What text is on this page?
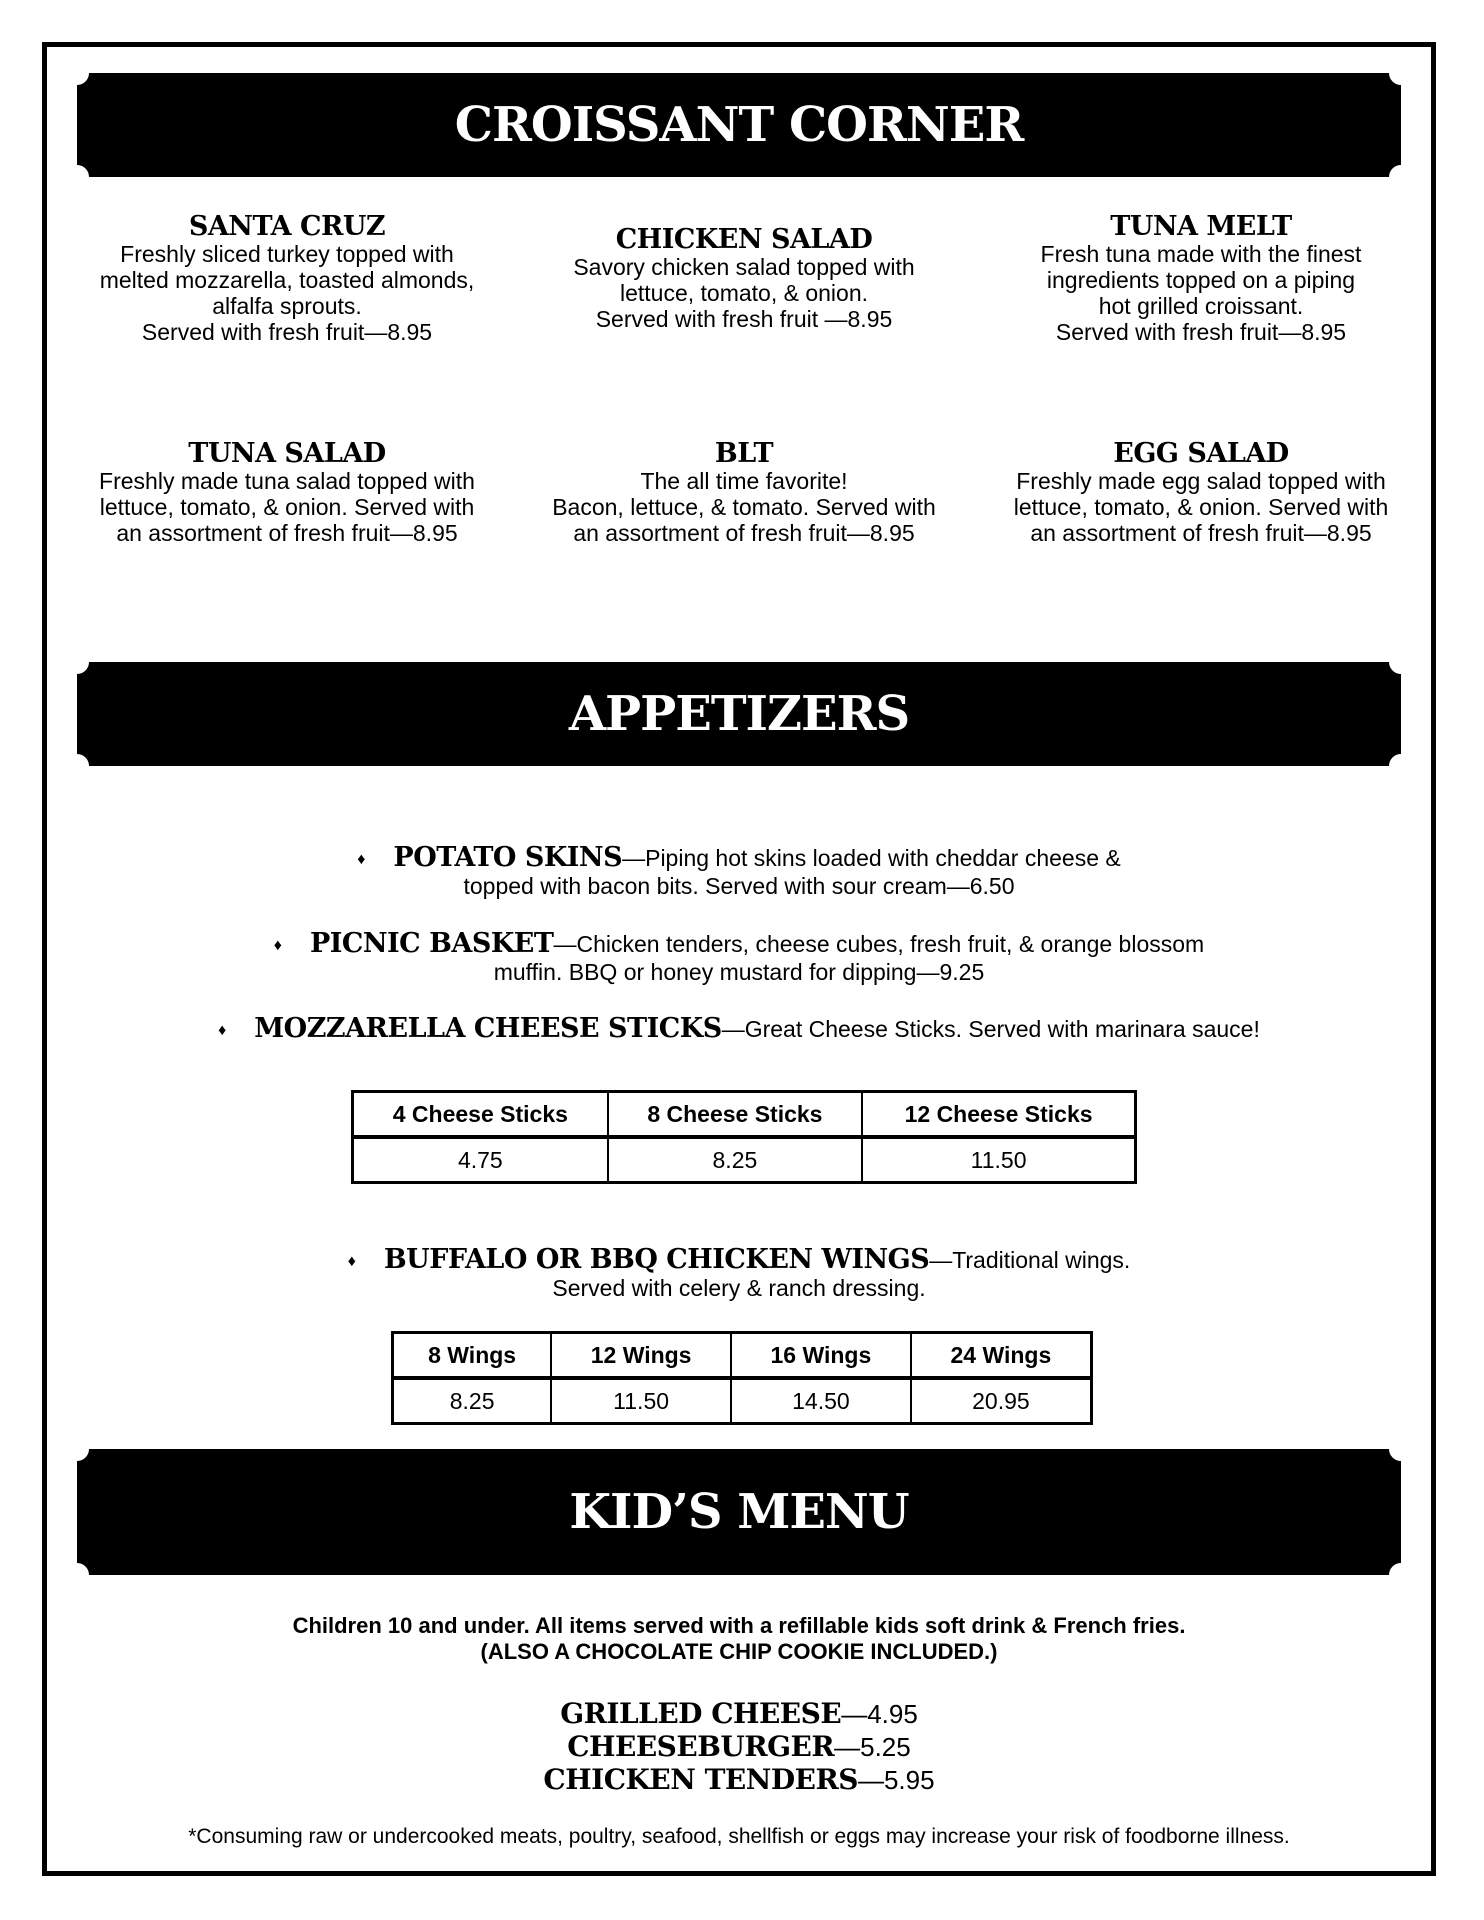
CROISSANT CORNER
SANTA CRUZ
Freshly sliced turkey topped with
melted mozzarella, toasted almonds,
alfalfa sprouts.
Served with fresh fruit—8.95
CHICKEN SALAD
Savory chicken salad topped with
lettuce, tomato, & onion.
Served with fresh fruit —8.95
TUNA MELT
Fresh tuna made with the finest
ingredients topped on a piping
hot grilled croissant.
Served with fresh fruit—8.95
TUNA SALAD
Freshly made tuna salad topped with
lettuce, tomato, & onion. Served with
an assortment of fresh fruit—8.95
BLT
The all time favorite!
Bacon, lettuce, & tomato. Served with
an assortment of fresh fruit—8.95
EGG SALAD
Freshly made egg salad topped with
lettuce, tomato, & onion. Served with
an assortment of fresh fruit—8.95
APPETIZERS
♦ POTATO SKINS—Piping hot skins loaded with cheddar cheese &
topped with bacon bits. Served with sour cream—6.50
♦ PICNIC BASKET—Chicken tenders, cheese cubes, fresh fruit, & orange blossom
muffin. BBQ or honey mustard for dipping—9.25
♦ MOZZARELLA CHEESE STICKS—Great Cheese Sticks. Served with marinara sauce!
4 Cheese Sticks	8 Cheese Sticks	12 Cheese Sticks
4.75	8.25	11.50
♦ BUFFALO OR BBQ CHICKEN WINGS—Traditional wings.
Served with celery & ranch dressing.
8 Wings	12 Wings	16 Wings	24 Wings
8.25	11.50	14.50	20.95
KID’S MENU
Children 10 and under. All items served with a refillable kids soft drink & French fries.
(ALSO A CHOCOLATE CHIP COOKIE INCLUDED.)
GRILLED CHEESE—4.95
CHEESEBURGER—5.25
CHICKEN TENDERS—5.95
*Consuming raw or undercooked meats, poultry, seafood, shellfish or eggs may increase your risk of foodborne illness.
